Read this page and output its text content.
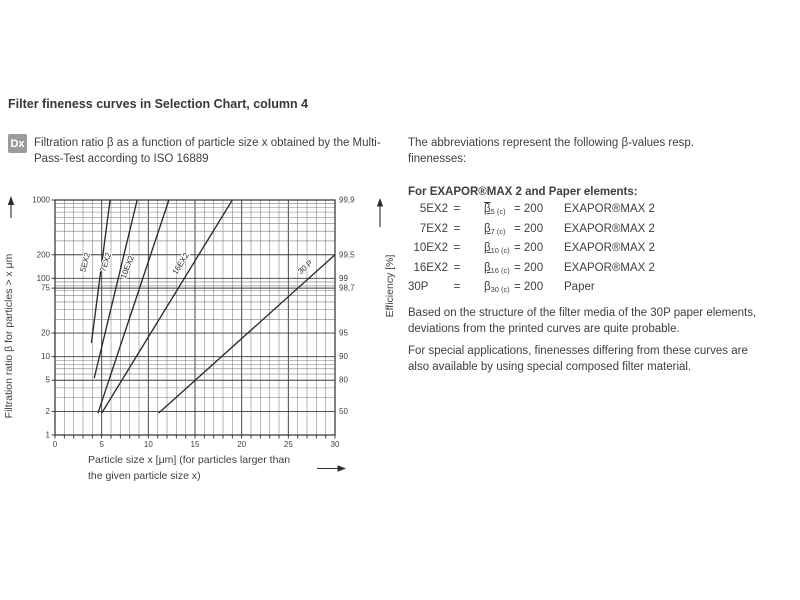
Filter fineness curves in Selection Chart, column 4
Dx Filtration ratio β as a function of particle size x obtained by the Multi-Pass-Test according to ISO 16889
The abbreviations represent the following β-values resp. finenesses:
For EXAPOR®MAX 2 and Paper elements:
5EX2 =	β5 (c) = 200	EXAPOR®MAX 2
7EX2 =	β7 (c) = 200	EXAPOR®MAX 2
10EX2 =	β10 (c) = 200	EXAPOR®MAX 2
16EX2 =	β16 (c) = 200	EXAPOR®MAX 2
30P	=	β30 (c) = 200	Paper
Based on the structure of the filter media of the 30P paper elements, deviations from the printed curves are quite probable.
For special applications, finenesses differing from these curves are also available by using special composed filter material.
1
2
5
10
20
75
100
200
1000	99,9
99,5
99
98,7
95
90
80
50
0	5	10	15	20	25	30
5EX2 7EX2 10EX2	16EX2	30 P
Filtration ratio β for particles > x μm	Efficiency [%]
Particle size x [μm] (for particles larger than the given particle size x)
